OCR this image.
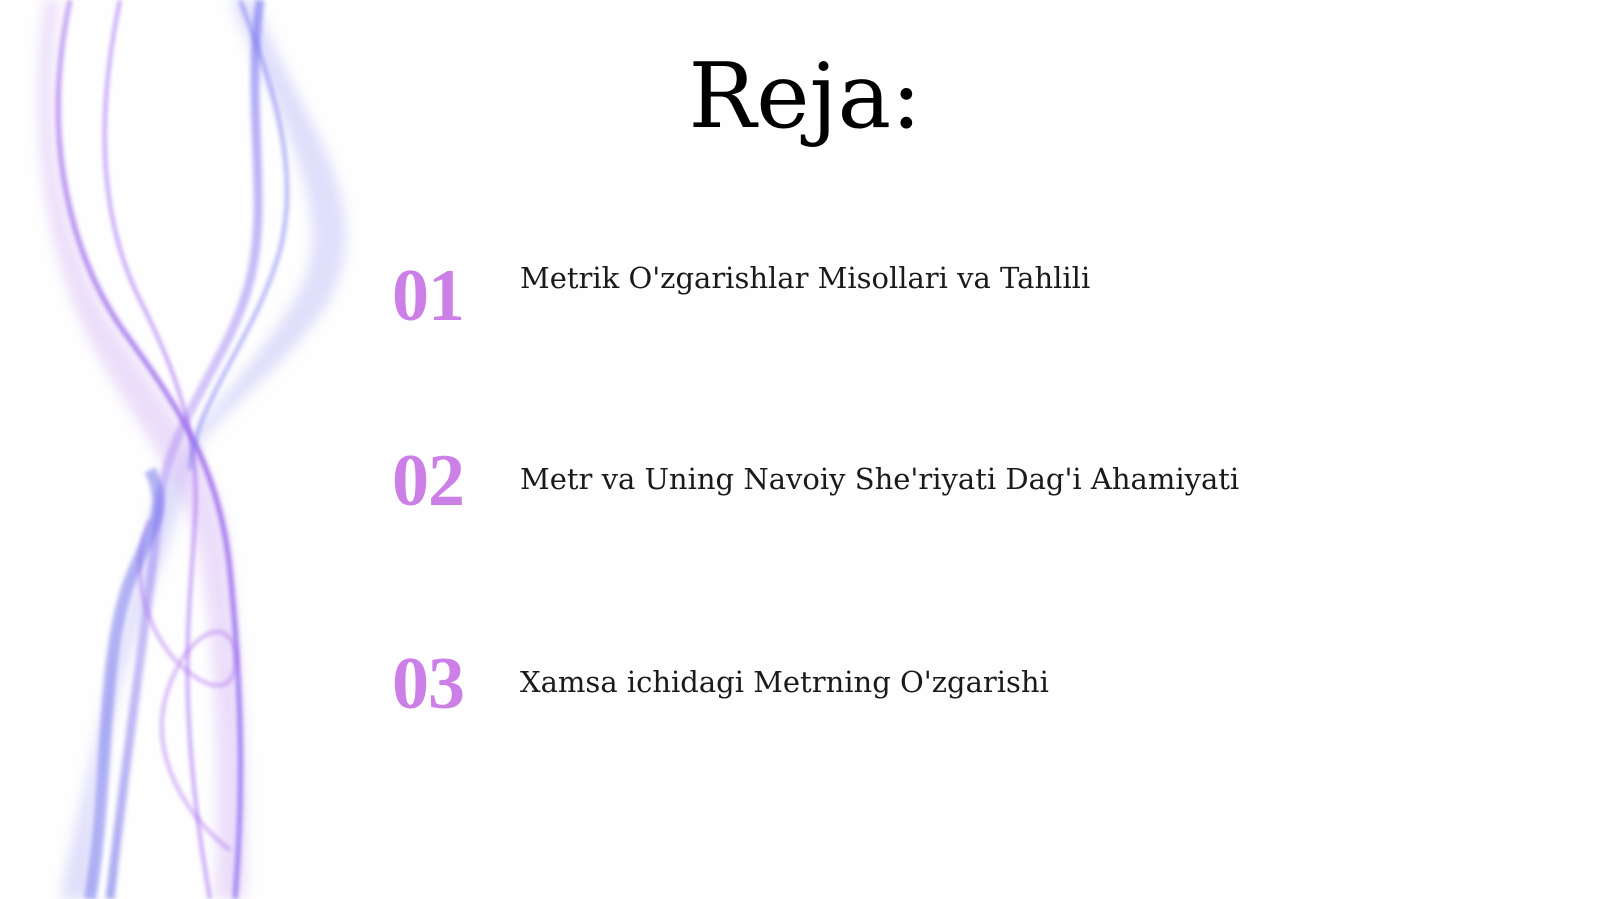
Reja:
01 Metrik O'zgarishlar Misollari va Tahlili
02 Metr va Uning Navoiy She'riyati Dag'i Ahamiyati
03 Xamsa ichidagi Metrning O'zgarishi
